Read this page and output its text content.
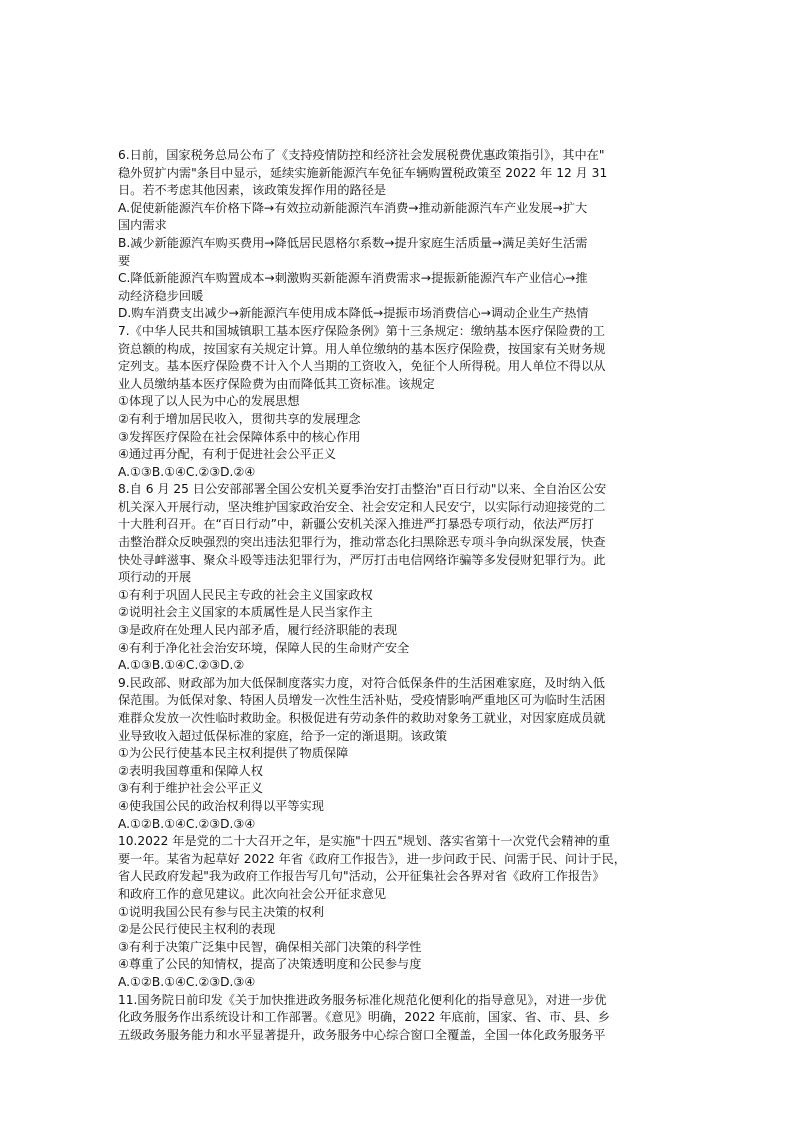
6.日前，国家税务总局公布了《支持疫情防控和经济社会发展税费优惠政策指引》，其中在"
稳外贸扩内需"条目中显示，延续实施新能源汽车免征车辆购置税政策至 2022 年 12 月 31
日。若不考虑其他因素，该政策发挥作用的路径是
A.促使新能源汽车价格下降→有效拉动新能源汽车消费→推动新能源汽车产业发展→扩大
国内需求
B.减少新能源汽车购买费用→降低居民恩格尔系数→提升家庭生活质量→满足美好生活需
要
C.降低新能源汽车购置成本→刺激购买新能源车消费需求→提振新能源汽车产业信心→推
动经济稳步回暖
D.购车消费支出减少→新能源汽车使用成本降低→提振市场消费信心→调动企业生产热情
7.《中华人民共和国城镇职工基本医疗保险条例》第十三条规定：缴纳基本医疗保险费的工
资总额的构成，按国家有关规定计算。用人单位缴纳的基本医疗保险费，按国家有关财务规
定列支。基本医疗保险费不计入个人当期的工资收入，免征个人所得税。用人单位不得以从
业人员缴纳基本医疗保险费为由而降低其工资标准。该规定
①体现了以人民为中心的发展思想
②有利于增加居民收入，贯彻共享的发展理念
③发挥医疗保险在社会保障体系中的核心作用
④通过再分配，有利于促进社会公平正义
A.①③B.①④C.②③D.②④
8.自 6 月 25 日公安部部署全国公安机关夏季治安打击整治"百日行动"以来、全自治区公安
机关深入开展行动，坚决维护国家政治安全、社会安定和人民安宁，以实际行动迎接党的二
十大胜利召开。在“百日行动”中，新疆公安机关深入推进严打暴恐专项行动，依法严厉打
击整治群众反映强烈的突出违法犯罪行为，推动常态化扫黑除恶专项斗争向纵深发展，快查
快处寻衅滋事、聚众斗殴等违法犯罪行为，严厉打击电信网络诈骗等多发侵财犯罪行为。此
项行动的开展
①有利于巩固人民民主专政的社会主义国家政权
②说明社会主义国家的本质属性是人民当家作主
③是政府在处理人民内部矛盾，履行经济职能的表现
④有利于净化社会治安环境，保障人民的生命财产安全
A.①③B.①④C.②③D.②
9.民政部、财政部为加大低保制度落实力度，对符合低保条件的生活困难家庭，及时纳入低
保范围。为低保对象、特困人员增发一次性生活补贴，受疫情影响严重地区可为临时生活困
难群众发放一次性临时救助金。积极促进有劳动条件的救助对象务工就业，对因家庭成员就
业导致收入超过低保标准的家庭，给予一定的渐退期。该政策
①为公民行使基本民主权利提供了物质保障
②表明我国尊重和保障人权
③有利于维护社会公平正义
④使我国公民的政治权利得以平等实现
A.①②B.①④C.②③D.③④
10.2022 年是党的二十大召开之年，是实施"十四五"规划、落实省第十一次党代会精神的重
要一年。某省为起草好 2022 年省《政府工作报告》，进一步问政于民、问需于民、问计于民，
省人民政府发起"我为政府工作报告写几句"活动，公开征集社会各界对省《政府工作报告》
和政府工作的意见建议。此次向社会公开征求意见
①说明我国公民有参与民主决策的权利
②是公民行使民主权利的表现
③有利于决策广泛集中民智，确保相关部门决策的科学性
④尊重了公民的知情权，提高了决策透明度和公民参与度
A.①②B.①④C.②③D.③④
11.国务院日前印发《关于加快推进政务服务标准化规范化便利化的指导意见》，对进一步优
化政务服务作出系统设计和工作部署。《意见》明确，2022 年底前，国家、省、市、县、乡
五级政务服务能力和水平显著提升，政务服务中心综合窗口全覆盖，全国一体化政务服务平
